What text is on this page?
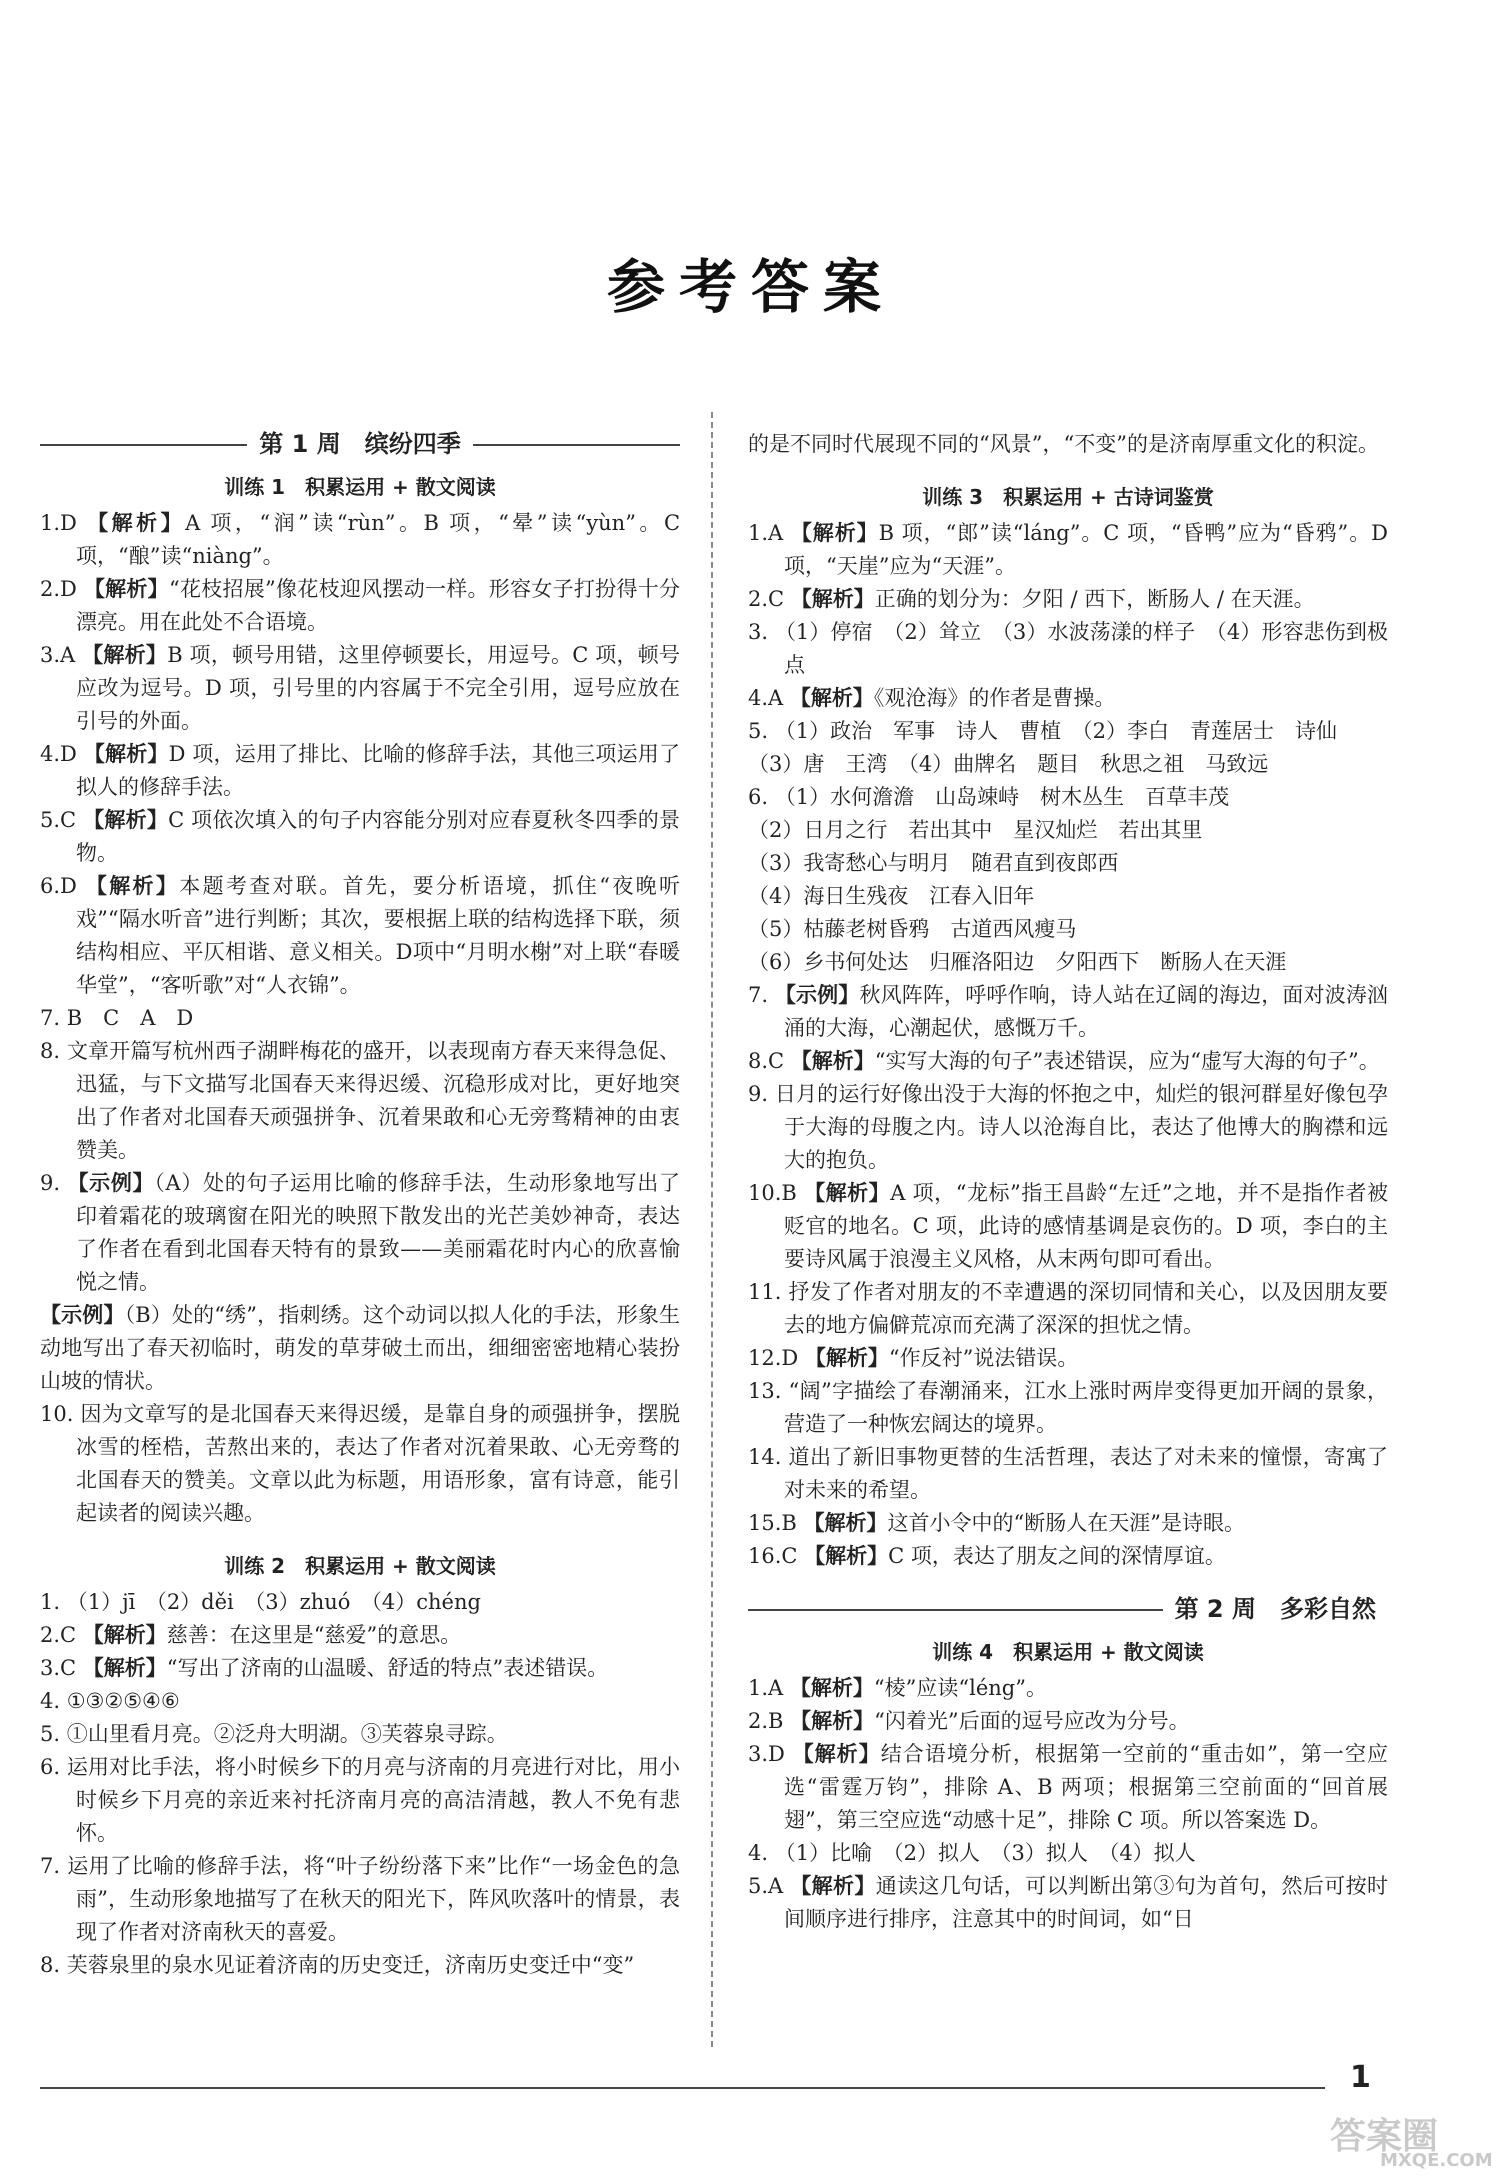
参考答案
第 1 周　缤纷四季
训练 1　积累运用 + 散文阅读

1.D 【解析】A 项，“润”读“rùn”。B 项，“晕”读“yùn”。C 项，“酿”读“niàng”。

2.D 【解析】“花枝招展”像花枝迎风摆动一样。形容女子打扮得十分漂亮。用在此处不合语境。

3.A 【解析】B 项，顿号用错，这里停顿要长，用逗号。C 项，顿号应改为逗号。D 项，引号里的内容属于不完全引用，逗号应放在引号的外面。

4.D 【解析】D 项，运用了排比、比喻的修辞手法，其他三项运用了拟人的修辞手法。

5.C 【解析】C 项依次填入的句子内容能分别对应春夏秋冬四季的景物。

6.D 【解析】本题考查对联。首先，要分析语境，抓住“夜晚听戏”“隔水听音”进行判断；其次，要根据上联的结构选择下联，须结构相应、平仄相谐、意义相关。D项中“月明水榭”对上联“春暖华堂”，“客听歌”对“人衣锦”。

7. B　C　A　D

8. 文章开篇写杭州西子湖畔梅花的盛开，以表现南方春天来得急促、迅猛，与下文描写北国春天来得迟缓、沉稳形成对比，更好地突出了作者对北国春天顽强拼争、沉着果敢和心无旁骛精神的由衷赞美。

9. 【示例】（A）处的句子运用比喻的修辞手法，生动形象地写出了印着霜花的玻璃窗在阳光的映照下散发出的光芒美妙神奇，表达了作者在看到北国春天特有的景致——美丽霜花时内心的欣喜愉悦之情。

【示例】（B）处的“绣”，指刺绣。这个动词以拟人化的手法，形象生动地写出了春天初临时，萌发的草芽破土而出，细细密密地精心装扮山坡的情状。

10. 因为文章写的是北国春天来得迟缓，是靠自身的顽强拼争，摆脱冰雪的桎梏，苦熬出来的，表达了作者对沉着果敢、心无旁骛的北国春天的赞美。文章以此为标题，用语形象，富有诗意，能引起读者的阅读兴趣。

训练 2　积累运用 + 散文阅读

1. （1）jī　（2）děi　（3）zhuó　（4）chéng

2.C 【解析】慈善：在这里是“慈爱”的意思。

3.C 【解析】“写出了济南的山温暖、舒适的特点”表述错误。

4. ①③②⑤④⑥

5. ①山里看月亮。②泛舟大明湖。③芙蓉泉寻踪。

6. 运用对比手法，将小时候乡下的月亮与济南的月亮进行对比，用小时候乡下月亮的亲近来衬托济南月亮的高洁清越，教人不免有悲怀。

7. 运用了比喻的修辞手法，将“叶子纷纷落下来”比作“一场金色的急雨”，生动形象地描写了在秋天的阳光下，阵风吹落叶的情景，表现了作者对济南秋天的喜爱。

8. 芙蓉泉里的泉水见证着济南的历史变迁，济南历史变迁中“变”

的是不同时代展现不同的“风景”，“不变”的是济南厚重文化的积淀。

训练 3　积累运用 + 古诗词鉴赏

1.A 【解析】B 项，“郎”读“láng”。C 项，“昏鸭”应为“昏鸦”。D 项，“天崖”应为“天涯”。

2.C 【解析】正确的划分为：夕阳 / 西下，断肠人 / 在天涯。

3. （1）停宿　（2）耸立　（3）水波荡漾的样子　（4）形容悲伤到极点

4.A 【解析】《观沧海》的作者是曹操。

5. （1）政治　军事　诗人　曹植　（2）李白　青莲居士　诗仙

（3）唐　王湾　（4）曲牌名　题目　秋思之祖　马致远

6. （1）水何澹澹　山岛竦峙　树木丛生　百草丰茂

（2）日月之行　若出其中　星汉灿烂　若出其里

（3）我寄愁心与明月　随君直到夜郎西

（4）海日生残夜　江春入旧年

（5）枯藤老树昏鸦　古道西风瘦马

（6）乡书何处达　归雁洛阳边　夕阳西下　断肠人在天涯

7. 【示例】秋风阵阵，呼呼作响，诗人站在辽阔的海边，面对波涛汹涌的大海，心潮起伏，感慨万千。

8.C 【解析】“实写大海的句子”表述错误，应为“虚写大海的句子”。

9. 日月的运行好像出没于大海的怀抱之中，灿烂的银河群星好像包孕于大海的母腹之内。诗人以沧海自比，表达了他博大的胸襟和远大的抱负。

10.B 【解析】A 项，“龙标”指王昌龄“左迁”之地，并不是指作者被贬官的地名。C 项，此诗的感情基调是哀伤的。D 项，李白的主要诗风属于浪漫主义风格，从末两句即可看出。

11. 抒发了作者对朋友的不幸遭遇的深切同情和关心，以及因朋友要去的地方偏僻荒凉而充满了深深的担忧之情。

12.D 【解析】“作反衬”说法错误。

13. “阔”字描绘了春潮涌来，江水上涨时两岸变得更加开阔的景象，营造了一种恢宏阔达的境界。

14. 道出了新旧事物更替的生活哲理，表达了对未来的憧憬，寄寓了对未来的希望。

15.B 【解析】这首小令中的“断肠人在天涯”是诗眼。

16.C 【解析】C 项，表达了朋友之间的深情厚谊。

第 2 周　多彩自然
训练 4　积累运用 + 散文阅读

1.A 【解析】“棱”应读“léng”。

2.B 【解析】“闪着光”后面的逗号应改为分号。

3.D 【解析】结合语境分析，根据第一空前的“重击如”，第一空应选“雷霆万钧”，排除 A、B 两项；根据第三空前面的“回首展翅”，第三空应选“动感十足”，排除 C 项。所以答案选 D。

4. （1）比喻　（2）拟人　（3）拟人　（4）拟人

5.A 【解析】通读这几句话，可以判断出第③句为首句，然后可按时间顺序进行排序，注意其中的时间词，如“日

1
答案圈
MXQE.COM
